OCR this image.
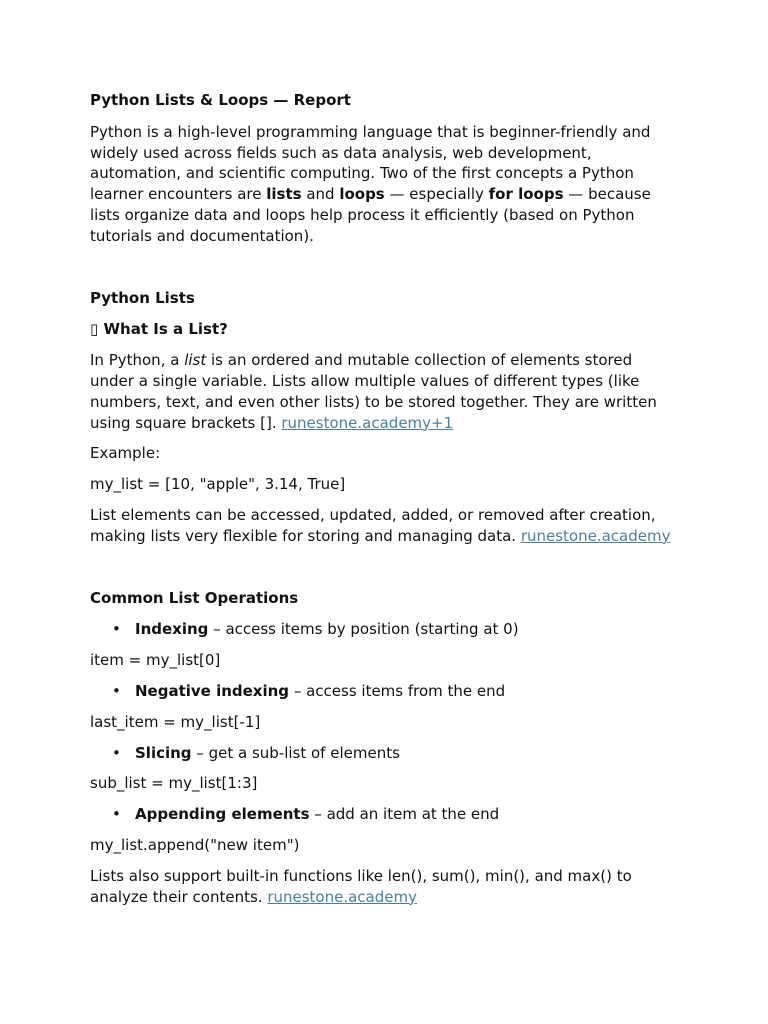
Python Lists & Loops — Report

Python is a high-level programming language that is beginner-friendly and widely used across fields such as data analysis, web development, automation, and scientific computing. Two of the first concepts a Python learner encounters are lists and loops — especially for loops — because lists organize data and loops help process it efficiently (based on Python tutorials and documentation).

Python Lists

▯ What Is a List?

In Python, a list is an ordered and mutable collection of elements stored under a single variable. Lists allow multiple values of different types (like numbers, text, and even other lists) to be stored together. They are written using square brackets []. runestone.academy+1

Example:

my_list = [10, "apple", 3.14, True]

List elements can be accessed, updated, added, or removed after creation, making lists very flexible for storing and managing data. runestone.academy

Common List Operations

• Indexing – access items by position (starting at 0)

item = my_list[0]

• Negative indexing – access items from the end

last_item = my_list[-1]

• Slicing – get a sub-list of elements

sub_list = my_list[1:3]

• Appending elements – add an item at the end

my_list.append("new item")

Lists also support built-in functions like len(), sum(), min(), and max() to analyze their contents. runestone.academy
